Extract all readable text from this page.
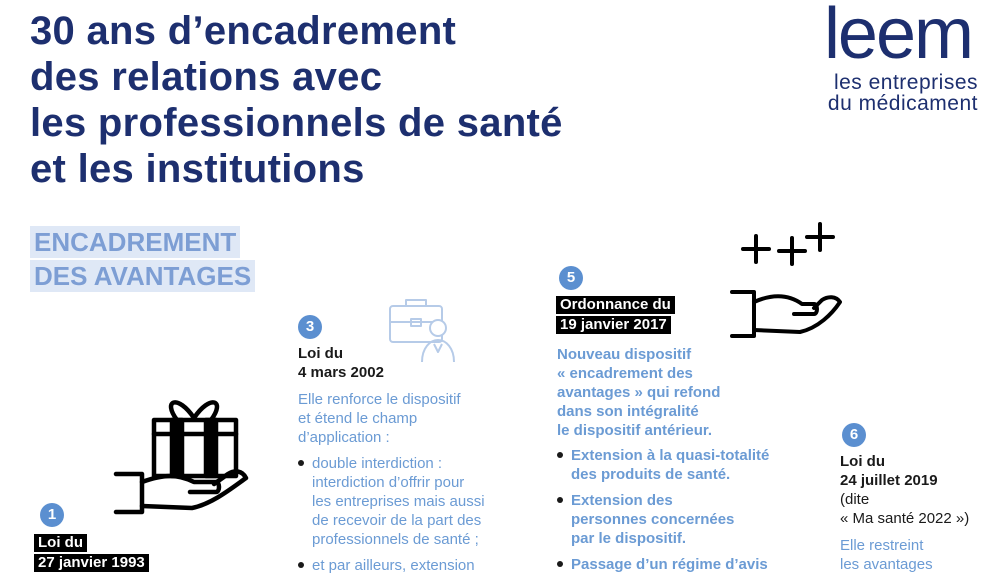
30 ans d’encadrement
des relations avec
les professionnels de santé
et les institutions
leem
les entreprises
du médicament
ENCADREMENT
DES AVANTAGES
1
Loi du
27 janvier 1993
3
Loi du
4 mars 2002
Elle renforce le dispositif
et étend le champ
d’application :
double interdiction :
interdiction d’offrir pour
les entreprises mais aussi
de recevoir de la part des
professionnels de santé ;
et par ailleurs, extension
5
Ordonnance du
19 janvier 2017
Nouveau dispositif
« encadrement des
avantages » qui refond
dans son intégralité
le dispositif antérieur.
Extension à la quasi-totalité
des produits de santé.
Extension des
personnes concernées
par le dispositif.
Passage d’un régime d’avis
6
Loi du
24 juillet 2019
(dite
« Ma santé 2022 »)
Elle restreint
les avantages
